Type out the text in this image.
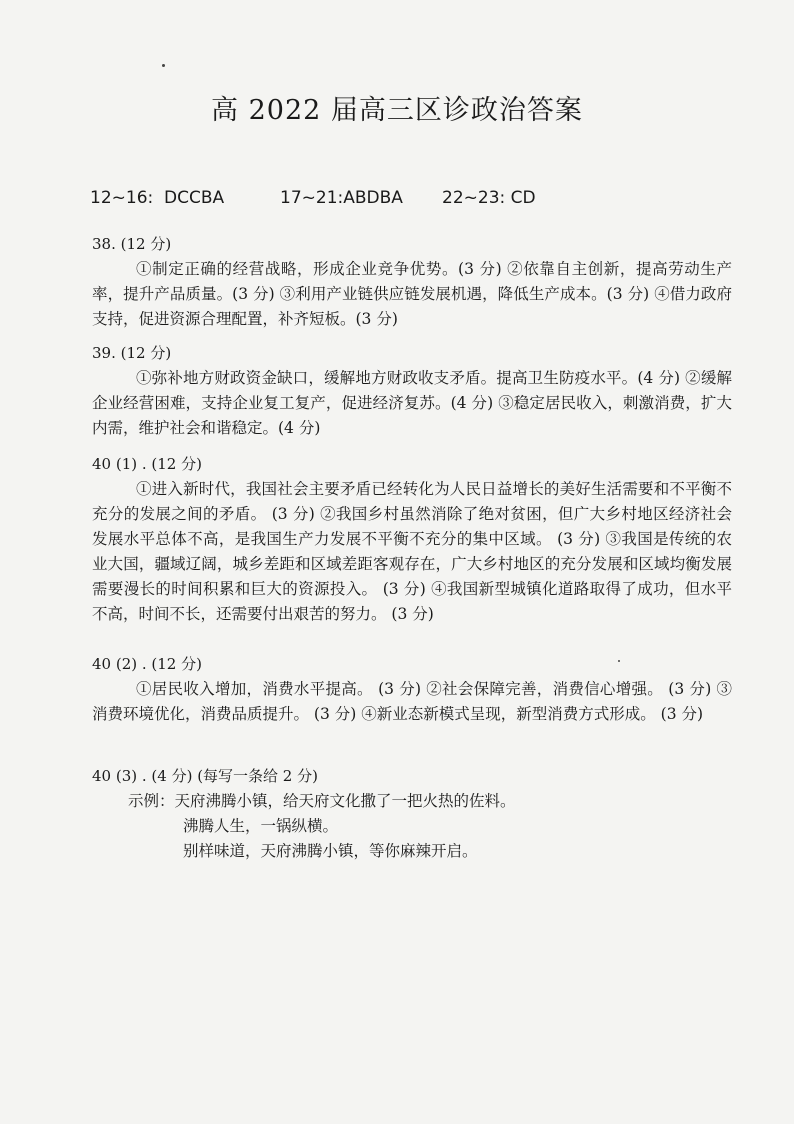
高 2022 届高三区诊政治答案

12~16:  DCCBA

	17~21:ABDBA

22~23: CD

38. (12 分)
①制定正确的经营战略，形成企业竞争优势。(3 分) ②依靠自主创新，提高劳动生产率，提升产品质量。(3 分) ③利用产业链供应链发展机遇，降低生产成本。(3 分) ④借力政府支持，促进资源合理配置，补齐短板。(3 分)
39. (12 分)
①弥补地方财政资金缺口，缓解地方财政收支矛盾。提高卫生防疫水平。(4 分) ②缓解企业经营困难，支持企业复工复产，促进经济复苏。(4 分) ③稳定居民收入，刺激消费，扩大内需，维护社会和谐稳定。(4 分)
40 (1) . (12 分)
①进入新时代，我国社会主要矛盾已经转化为人民日益增长的美好生活需要和不平衡不充分的发展之间的矛盾。 (3 分) ②我国乡村虽然消除了绝对贫困，但广大乡村地区经济社会发展水平总体不高，是我国生产力发展不平衡不充分的集中区域。 (3 分) ③我国是传统的农业大国，疆域辽阔，城乡差距和区域差距客观存在，广大乡村地区的充分发展和区域均衡发展需要漫长的时间积累和巨大的资源投入。 (3 分) ④我国新型城镇化道路取得了成功，但水平不高，时间不长，还需要付出艰苦的努力。 (3 分)
40 (2) . (12 分)
①居民收入增加，消费水平提高。 (3 分) ②社会保障完善，消费信心增强。 (3 分) ③消费环境优化，消费品质提升。 (3 分) ④新业态新模式呈现，新型消费方式形成。 (3 分)
40 (3) . (4 分) (每写一条给 2 分)
示例：天府沸腾小镇，给天府文化撒了一把火热的佐料。
沸腾人生，一锅纵横。
别样味道，天府沸腾小镇，等你麻辣开启。
